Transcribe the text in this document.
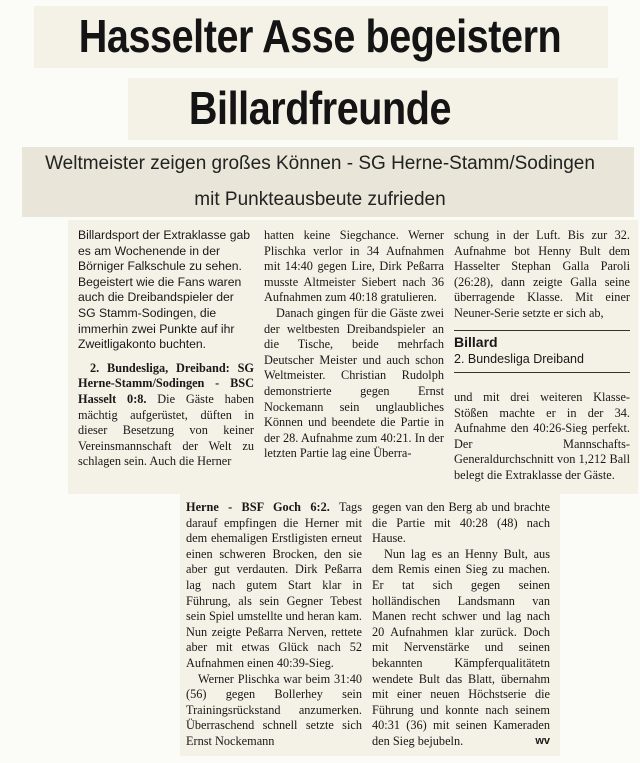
Hasselter Asse begeistern
Billardfreunde
Weltmeister zeigen großes Können - SG Herne-Stamm/Sodingen
mit Punkteausbeute zufrieden

Billardsport der Extraklasse gab es am Wochenende in der Börniger Falkschule zu sehen. Begeistert wie die Fans waren auch die Dreibandspieler der SG Stamm-Sodingen, die immerhin zwei Punkte auf ihr Zweitligakonto buchten.

2. Bundesliga, Dreiband: SG Herne-Stamm/Sodingen - BSC Hasselt 0:8. Die Gäste haben mächtig aufgerüstet, düften in dieser Besetzung von keiner Vereinsmannschaft der Welt zu schlagen sein. Auch die Herner

hatten keine Siegchance. Werner Plischka verlor in 34 Aufnahmen mit 14:40 gegen Lire, Dirk Peßarra musste Altmeister Siebert nach 36 Aufnahmen zum 40:18 gratulieren.

Danach gingen für die Gäste zwei der weltbesten Dreibandspieler an die Tische, beide mehrfach Deutscher Meister und auch schon Weltmeister. Christian Rudolph demonstrierte gegen Ernst Nockemann sein unglaubliches Können und beendete die Partie in der 28. Aufnahme zum 40:21. In der letzten Partie lag eine Überra-

schung in der Luft. Bis zur 32. Aufnahme bot Henny Bult dem Hasselter Stephan Galla Paroli (26:28), dann zeigte Galla seine überragende Klasse. Mit einer Neuner-Serie setzte er sich ab,

Billard
2. Bundesliga Dreiband

und mit drei weiteren Klasse-Stößen machte er in der 34. Aufnahme den 40:26-Sieg perfekt. Der Mannschafts-Generaldurchschnitt von 1,212 Ball belegt die Extraklasse der Gäste.

Herne - BSF Goch 6:2. Tags darauf empfingen die Herner mit dem ehemaligen Erstligisten erneut einen schweren Brocken, den sie aber gut verdauten. Dirk Peßarra lag nach gutem Start klar in Führung, als sein Gegner Tebest sein Spiel umstellte und heran kam. Nun zeigte Peßarra Nerven, rettete aber mit etwas Glück nach 52 Aufnahmen einen 40:39-Sieg.

Werner Plischka war beim 31:40 (56) gegen Bollerhey sein Trainingsrückstand anzumerken. Überraschend schnell setzte sich Ernst Nockemann

gegen van den Berg ab und brachte die Partie mit 40:28 (48) nach Hause.

Nun lag es an Henny Bult, aus dem Remis einen Sieg zu machen. Er tat sich gegen seinen holländischen Landsmann van Manen recht schwer und lag nach 20 Aufnahmen klar zurück. Doch mit Nervenstärke und seinen bekannten Kämpferqualitätetn wendete Bult das Blatt, übernahm mit einer neuen Höchstserie die Führung und konnte nach seinem 40:31 (36) mit seinen Kameraden den Sieg bejubeln.	wv
